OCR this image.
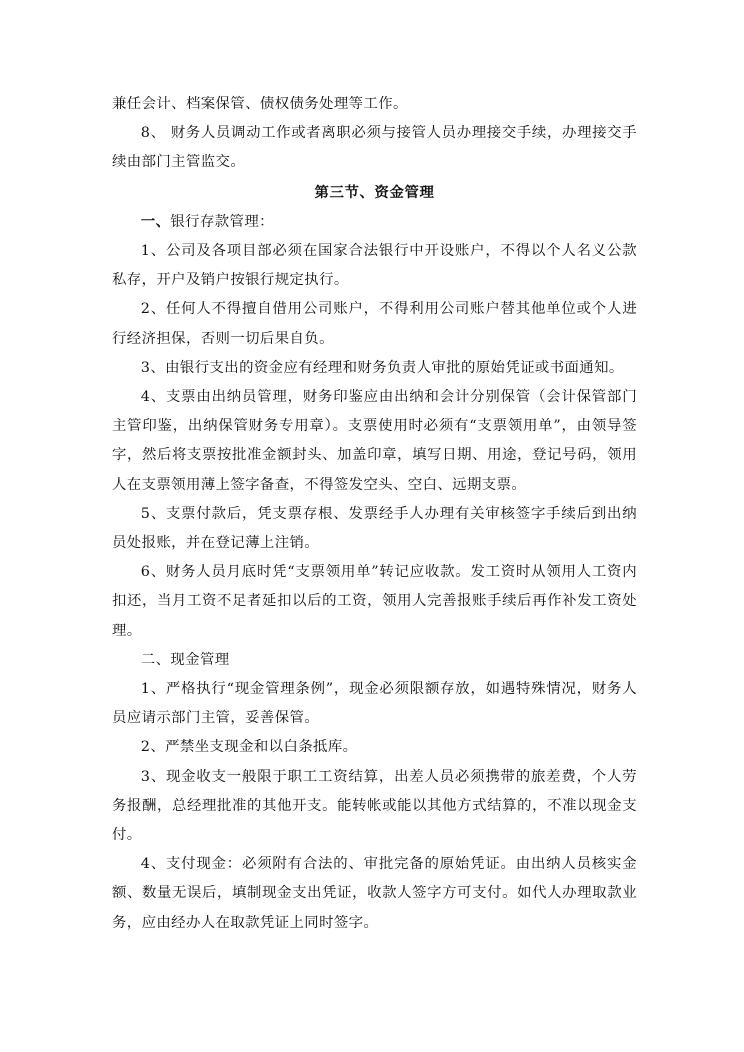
兼任会计、档案保管、债权债务处理等工作。

8、 财务人员调动工作或者离职必须与接管人员办理接交手续，办理接交手续由部门主管监交。

第三节、资金管理

一、银行存款管理：

1、公司及各项目部必须在国家合法银行中开设账户，不得以个人名义公款私存，开户及销户按银行规定执行。

2、任何人不得擅自借用公司账户，不得利用公司账户替其他单位或个人进行经济担保，否则一切后果自负。

3、由银行支出的资金应有经理和财务负责人审批的原始凭证或书面通知。

4、支票由出纳员管理，财务印鉴应由出纳和会计分别保管（会计保管部门主管印鉴，出纳保管财务专用章）。支票使用时必须有“支票领用单”，由领导签字，然后将支票按批准金额封头、加盖印章，填写日期、用途，登记号码，领用人在支票领用薄上签字备查，不得签发空头、空白、远期支票。

5、支票付款后，凭支票存根、发票经手人办理有关审核签字手续后到出纳员处报账，并在登记薄上注销。

6、财务人员月底时凭“支票领用单”转记应收款。发工资时从领用人工资内扣还，当月工资不足者延扣以后的工资，领用人完善报账手续后再作补发工资处理。

二、现金管理

1、严格执行“现金管理条例”，现金必须限额存放，如遇特殊情况，财务人员应请示部门主管，妥善保管。

2、严禁坐支现金和以白条抵库。

3、现金收支一般限于职工工资结算，出差人员必须携带的旅差费，个人劳务报酬，总经理批准的其他开支。能转帐或能以其他方式结算的，不准以现金支付。

4、支付现金：必须附有合法的、审批完备的原始凭证。由出纳人员核实金额、数量无误后，填制现金支出凭证，收款人签字方可支付。如代人办理取款业务，应由经办人在取款凭证上同时签字。
